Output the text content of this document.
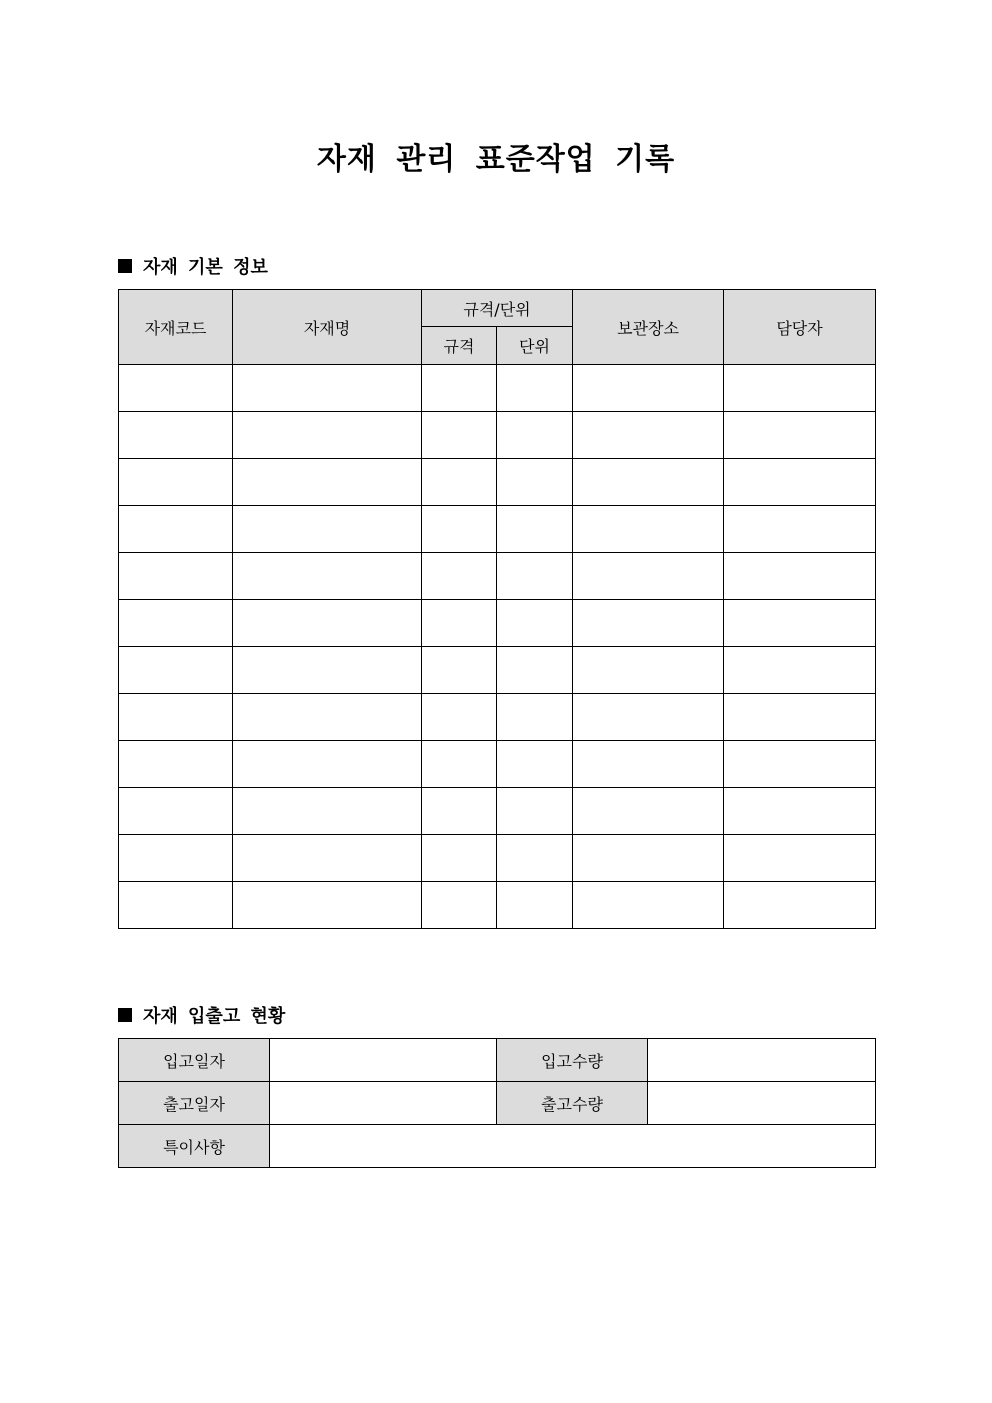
자재 관리 표준작업 기록
자재 기본 정보
자재코드	자재명	규격/단위		보관장소	담당자
		규격	단위		

자재 입출고 현황
입고일자		입고수량	
출고일자		출고수량	
특이사항			
